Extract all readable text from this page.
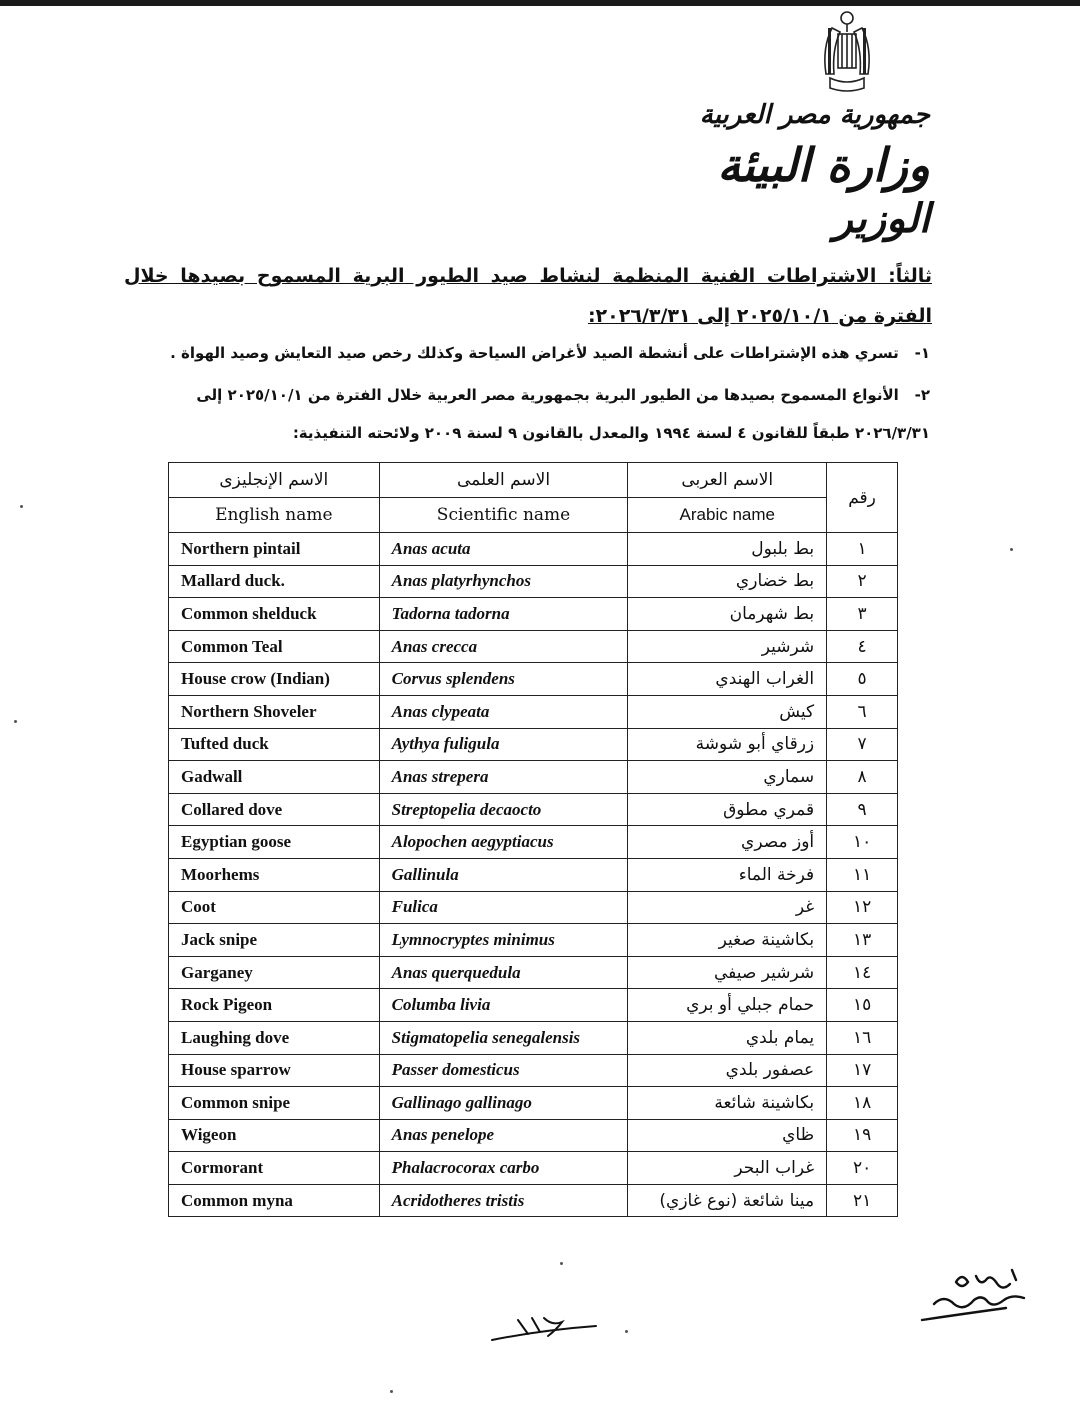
جمهورية مصر العربية
وزارة البيئة
الوزير
ثالثاً: الاشتراطات الفنية المنظمة لنشاط صيد الطيور البرية المسموح بصيدها خلال الفترة من ٢٠٢٥/١٠/١ إلى ٢٠٢٦/٣/٣١:
١- تسري هذه الإشتراطات على أنشطة الصيد لأغراض السياحة وكذلك رخص صيد التعايش وصيد الهواة .
٢- الأنواع المسموح بصيدها من الطيور البرية بجمهورية مصر العربية خلال الفترة من ٢٠٢٥/١٠/١ إلى ٢٠٢٦/٣/٣١ طبقاً للقانون ٤ لسنة ١٩٩٤ والمعدل بالقانون ٩ لسنة ٢٠٠٩ ولائحته التنفيذية:
الاسم الإنجليزى	الاسم العلمى	الاسم العربى	رقم
English name	Scientific name	Arabic name	
Northern pintail	Anas acuta	بط بلبول	١
Mallard duck.	Anas platyrhynchos	بط خضاري	٢
Common shelduck	Tadorna tadorna	بط شهرمان	٣
Common Teal	Anas crecca	شرشير	٤
House crow (Indian)	Corvus splendens	الغراب الهندي	٥
Northern Shoveler	Anas clypeata	كيش	٦
Tufted duck	Aythya fuligula	زرقاي أبو شوشة	٧
Gadwall	Anas strepera	سماري	٨
Collared dove	Streptopelia decaocto	قمري مطوق	٩
Egyptian goose	Alopochen aegyptiacus	أوز مصري	١٠
Moorhems	Gallinula	فرخة الماء	١١
Coot	Fulica	غر	١٢
Jack snipe	Lymnocryptes minimus	بكاشينة صغير	١٣
Garganey	Anas querquedula	شرشير صيفي	١٤
Rock Pigeon	Columba livia	حمام جبلي أو بري	١٥
Laughing dove	Stigmatopelia senegalensis	يمام بلدي	١٦
House sparrow	Passer domesticus	عصفور بلدي	١٧
Common snipe	Gallinago gallinago	بكاشينة شائعة	١٨
Wigeon	Anas penelope	ظاي	١٩
Cormorant	Phalacrocorax carbo	غراب البحر	٢٠
Common myna	Acridotheres tristis	مينا شائعة (نوع غازي)	٢١
